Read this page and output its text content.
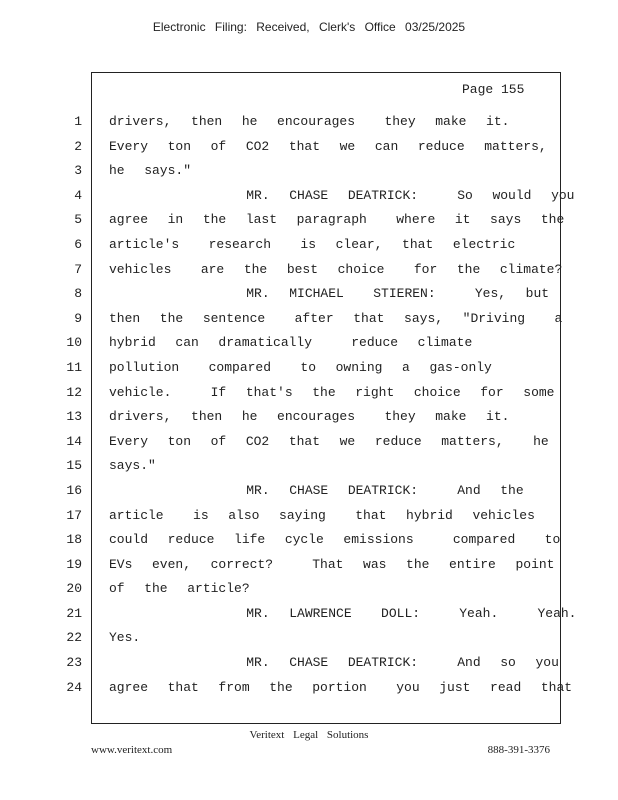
Electronic Filing: Received, Clerk's Office 03/25/2025
Page 155
1 drivers,  then  he  encourages   they  make  it.
2 Every  ton  of  CO2  that  we  can  reduce  matters,
3 he  says."
4 MR.  CHASE  DEATRICK:    So  would  you
5 agree  in  the  last  paragraph   where  it  says  the
6 article's   research   is  clear,  that  electric
7 vehicles   are  the  best  choice   for  the  climate?
8 MR.  MICHAEL   STIEREN:    Yes,  but
9 then  the  sentence   after  that  says,  "Driving   a
10 hybrid  can  dramatically    reduce  climate
11 pollution   compared   to  owning  a  gas-only
12 vehicle.    If  that's  the  right  choice  for  some
13 drivers,  then  he  encourages   they  make  it.
14 Every  ton  of  CO2  that  we  reduce  matters,   he
15 says."
16 MR.  CHASE  DEATRICK:    And  the
17 article   is  also  saying   that  hybrid  vehicles
18 could  reduce  life  cycle  emissions    compared   to
19 EVs  even,  correct?    That  was  the  entire  point
20 of  the  article?
21 MR.  LAWRENCE   DOLL:    Yeah.    Yeah.
22 Yes.
23 MR.  CHASE  DEATRICK:    And  so  you
24 agree  that  from  the  portion   you  just  read  that
Veritext Legal Solutions
www.veritext.com	888-391-3376
